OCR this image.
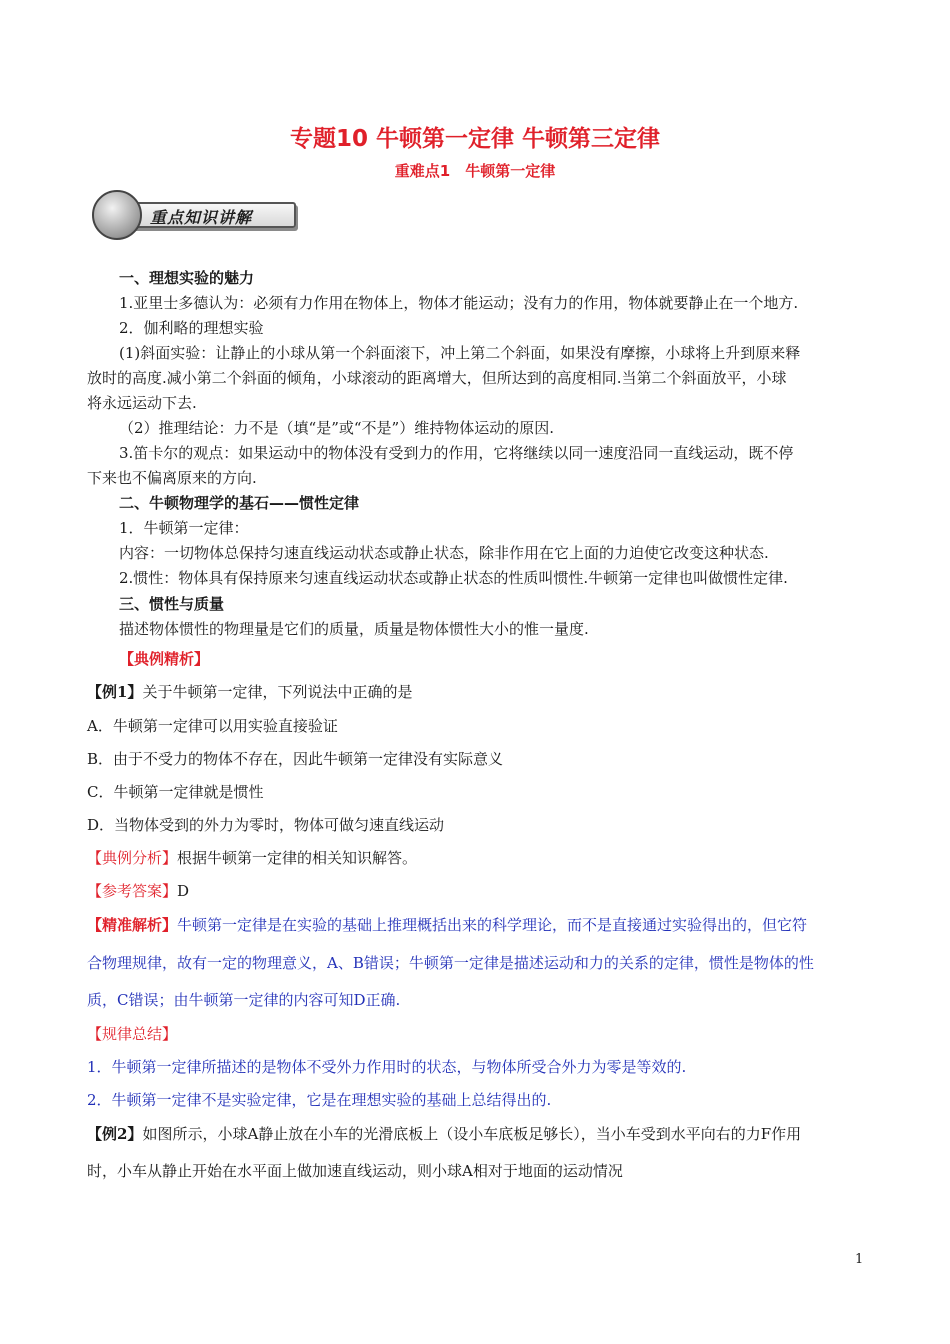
专题10 牛顿第一定律 牛顿第三定律
重难点1　牛顿第一定律
重点知识讲解
一、理想实验的魅力
1.亚里士多德认为：必须有力作用在物体上，物体才能运动；没有力的作用，物体就要静止在一个地方.
2．伽利略的理想实验
(1)斜面实验：让静止的小球从第一个斜面滚下，冲上第二个斜面，如果没有摩擦，小球将上升到原来释
放时的高度.减小第二个斜面的倾角，小球滚动的距离增大，但所达到的高度相同.当第二个斜面放平，小球
将永远运动下去.
（2）推理结论：力不是（填“是”或“不是”）维持物体运动的原因.
3.笛卡尔的观点：如果运动中的物体没有受到力的作用，它将继续以同一速度沿同一直线运动，既不停
下来也不偏离原来的方向.
二、牛顿物理学的基石——惯性定律
1．牛顿第一定律：
内容：一切物体总保持匀速直线运动状态或静止状态，除非作用在它上面的力迫使它改变这种状态.
2.惯性：物体具有保持原来匀速直线运动状态或静止状态的性质叫惯性.牛顿第一定律也叫做惯性定律.
三、惯性与质量
描述物体惯性的物理量是它们的质量，质量是物体惯性大小的惟一量度.
【典例精析】
【例1】关于牛顿第一定律，下列说法中正确的是
A．牛顿第一定律可以用实验直接验证
B．由于不受力的物体不存在，因此牛顿第一定律没有实际意义
C．牛顿第一定律就是惯性
D．当物体受到的外力为零时，物体可做匀速直线运动
【典例分析】根据牛顿第一定律的相关知识解答。
【参考答案】D
【精准解析】牛顿第一定律是在实验的基础上推理概括出来的科学理论，而不是直接通过实验得出的，但它符
合物理规律，故有一定的物理意义，A、B错误；牛顿第一定律是描述运动和力的关系的定律，惯性是物体的性
质，C错误；由牛顿第一定律的内容可知D正确.
【规律总结】
1．牛顿第一定律所描述的是物体不受外力作用时的状态，与物体所受合外力为零是等效的.
2．牛顿第一定律不是实验定律，它是在理想实验的基础上总结得出的.
【例2】如图所示，小球A静止放在小车的光滑底板上（设小车底板足够长），当小车受到水平向右的力F作用
时，小车从静止开始在水平面上做加速直线运动，则小球A相对于地面的运动情况
1
